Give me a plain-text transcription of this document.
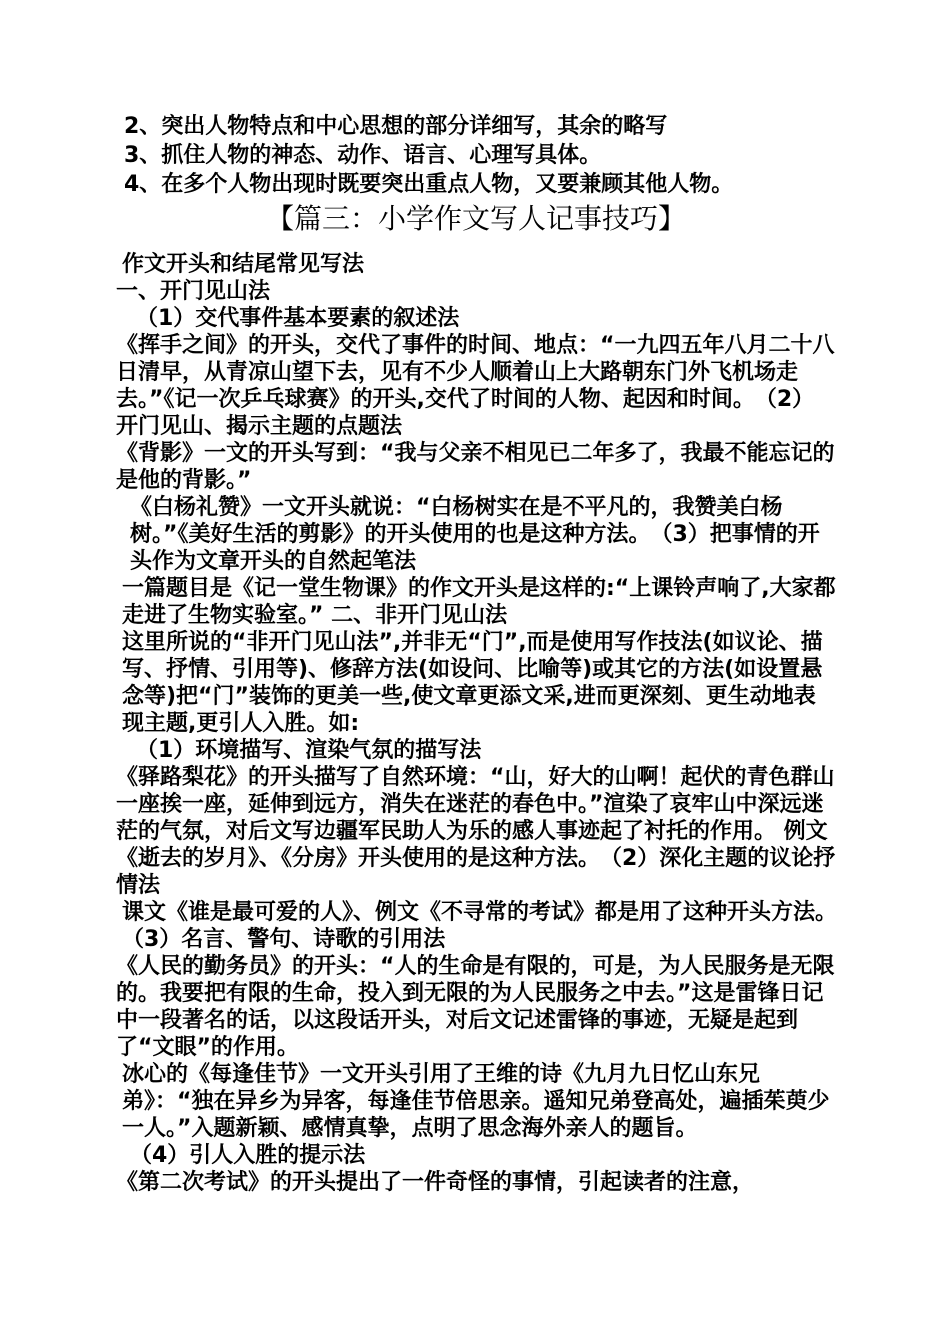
2、突出人物特点和中心思想的部分详细写，其余的略写
3、抓住人物的神态、动作、语言、心理写具体。
4、在多个人物出现时既要突出重点人物，又要兼顾其他人物。
【篇三：小学作文写人记事技巧】

作文开头和结尾常见写法

一、开门见山法

（1）交代事件基本要素的叙述法

《挥手之间》的开头，交代了事件的时间、地点：“一九四五年八月二十八日清早，从青凉山望下去，见有不少人顺着山上大路朝东门外飞机场走去。”《记一次乒乓球赛》的开头,交代了时间的人物、起因和时间。　（2）开门见山、揭示主题的点题法

《背影》一文的开头写到：“我与父亲不相见已二年多了，我最不能忘记的是他的背影。”

《白杨礼赞》一文开头就说：“白杨树实在是不平凡的，我赞美白杨树。”《美好生活的剪影》的开头使用的也是这种方法。　（3）把事情的开头作为文章开头的自然起笔法

一篇题目是《记一堂生物课》的作文开头是这样的:“上课铃声响了,大家都走进了生物实验室。” 二、非开门见山法

这里所说的“非开门见山法”,并非无“门”,而是使用写作技法(如议论、描写、抒情、引用等)、修辞方法(如设问、比喻等)或其它的方法(如设置悬念等)把“门”装饰的更美一些,使文章更添文采,进而更深刻、更生动地表现主题,更引人入胜。如:

（1）环境描写、渲染气氛的描写法

《驿路梨花》的开头描写了自然环境：“山，好大的山啊！起伏的青色群山一座挨一座，延伸到远方，消失在迷茫的春色中。”渲染了哀牢山中深远迷茫的气氛，对后文写边疆军民助人为乐的感人事迹起了衬托的作用。 例文《逝去的岁月》、《分房》开头使用的是这种方法。　（2）深化主题的议论抒情法

课文《谁是最可爱的人》、例文《不寻常的考试》都是用了这种开头方法。　（3）名言、警句、诗歌的引用法

《人民的勤务员》的开头：“人的生命是有限的，可是，为人民服务是无限的。我要把有限的生命，投入到无限的为人民服务之中去。”这是雷锋日记中一段著名的话，以这段话开头，对后文记述雷锋的事迹，无疑是起到了“文眼”的作用。

冰心的《每逢佳节》一文开头引用了王维的诗《九月九日忆山东兄弟》：“独在异乡为异客，每逢佳节倍思亲。遥知兄弟登高处，遍插茱萸少一人。”入题新颖、感情真挚，点明了思念海外亲人的题旨。

（4）引人入胜的提示法

《第二次考试》的开头提出了一件奇怪的事情，引起读者的注意，
